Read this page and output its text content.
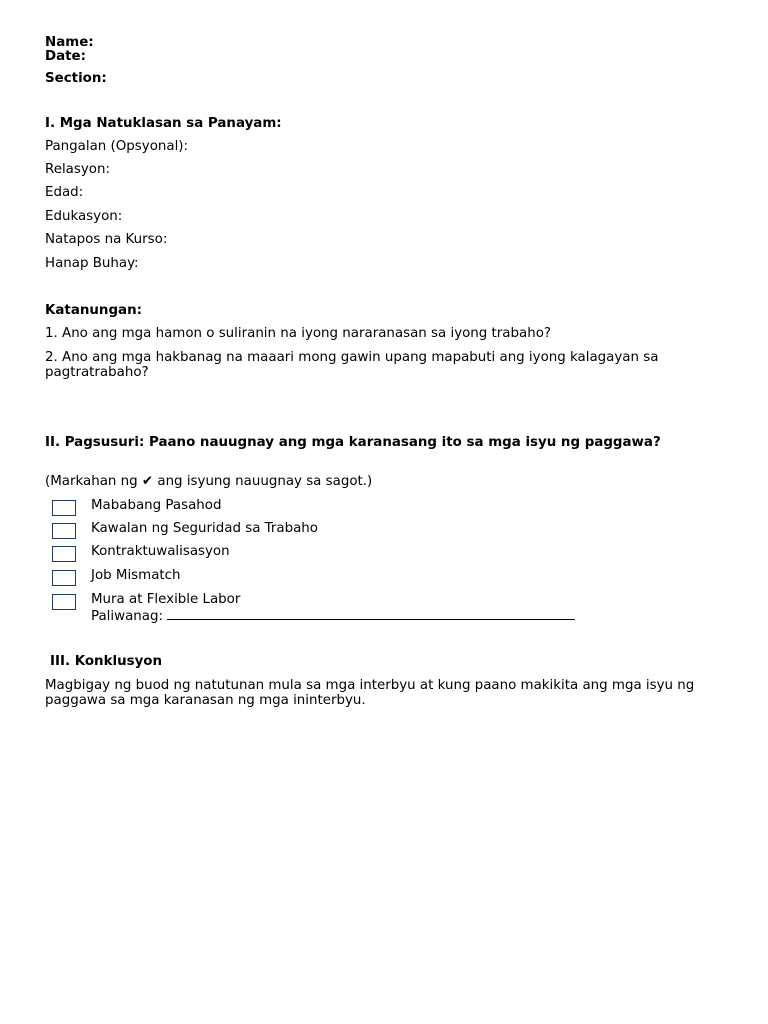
Name:
Date:
Section:
I. Mga Natuklasan sa Panayam:
Pangalan (Opsyonal):
Relasyon:
Edad:
Edukasyon:
Natapos na Kurso:
Hanap Buhay:
Katanungan:
1. Ano ang mga hamon o suliranin na iyong nararanasan sa iyong trabaho?
2. Ano ang mga hakbanag na maaari mong gawin upang mapabuti ang iyong kalagayan sa pagtratrabaho?
II. Pagsusuri: Paano nauugnay ang mga karanasang ito sa mga isyu ng paggawa?
(Markahan ng ✔ ang isyung nauugnay sa sagot.)
Mababang Pasahod
Kawalan ng Seguridad sa Trabaho
Kontraktuwalisasyon
Job Mismatch
Mura at Flexible Labor
Paliwanag:
III. Konklusyon
Magbigay ng buod ng natutunan mula sa mga interbyu at kung paano makikita ang mga isyu ng paggawa sa mga karanasan ng mga ininterbyu.
